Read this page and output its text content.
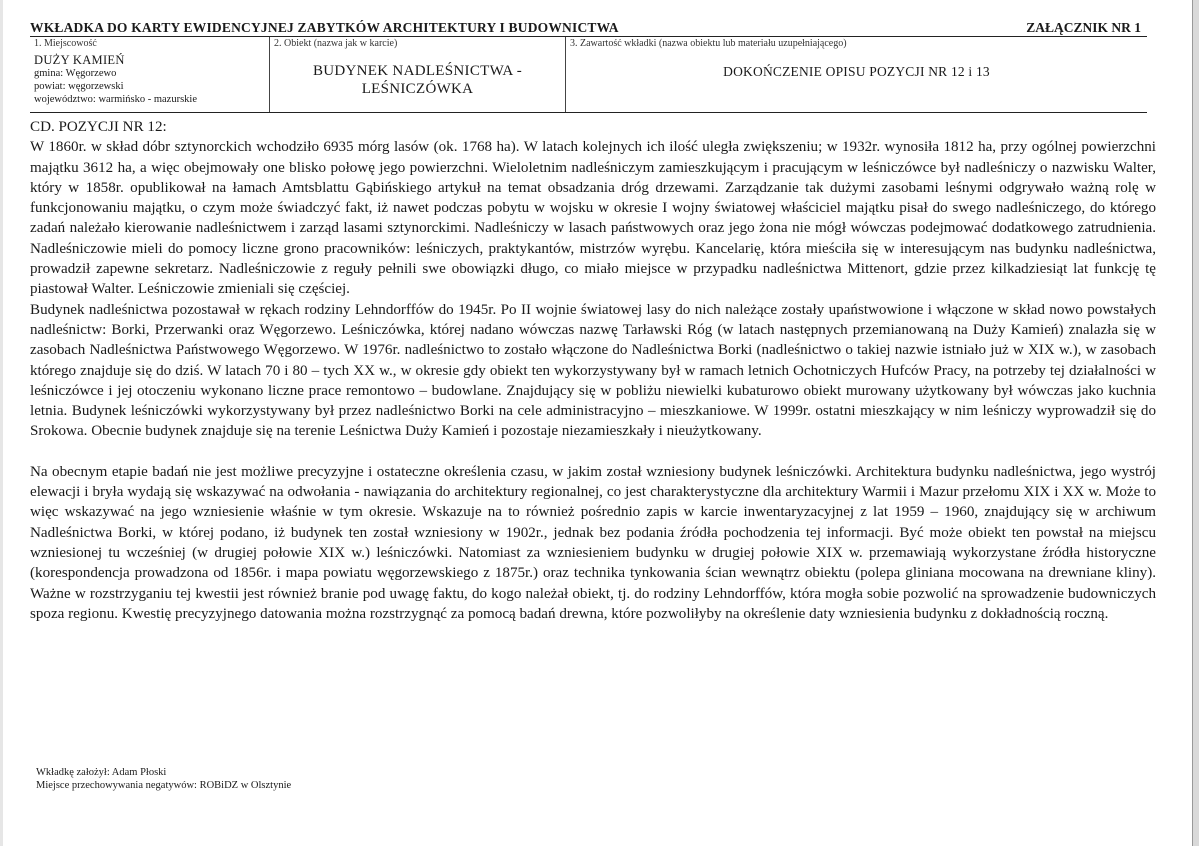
WKŁADKA DO KARTY EWIDENCYJNEJ ZABYTKÓW ARCHITEKTURY I BUDOWNICTWA	ZAŁĄCZNIK NR 1
1. Miejscowość
DUŻY KAMIEŃ
gmina: Węgorzewo
powiat: węgorzewski
województwo: warmińsko - mazurskie
2. Obiekt (nazwa jak w karcie)
BUDYNEK NADLEŚNICTWA -
LEŚNICZÓWKA
3. Zawartość wkładki (nazwa obiektu lub materiału uzupełniającego)
DOKOŃCZENIE OPISU POZYCJI NR 12 i 13

CD. POZYCJI NR 12:

W 1860r. w skład dóbr sztynorckich wchodziło 6935 mórg lasów (ok. 1768 ha). W latach kolejnych ich ilość uległa zwiększeniu; w 1932r. wynosiła 1812 ha, przy ogólnej powierzchni majątku 3612 ha, a więc obejmowały one blisko połowę jego powierzchni. Wieloletnim nadleśniczym zamieszkującym i pracującym w leśniczówce był nadleśniczy o nazwisku Walter, który w 1858r. opublikował na łamach Amtsblattu Gąbińskiego artykuł na temat obsadzania dróg drzewami. Zarządzanie tak dużymi zasobami leśnymi odgrywało ważną rolę w funkcjonowaniu majątku, o czym może świadczyć fakt, iż nawet podczas pobytu w wojsku w okresie I wojny światowej właściciel majątku pisał do swego nadleśniczego, do którego zadań należało kierowanie nadleśnictwem i zarząd lasami sztynorckimi. Nadleśniczy w lasach państwowych oraz jego żona nie mógł wówczas podejmować dodatkowego zatrudnienia. Nadleśniczowie mieli do pomocy liczne grono pracowników: leśniczych, praktykantów, mistrzów wyrębu. Kancelarię, która mieściła się w interesującym nas budynku nadleśnictwa, prowadził zapewne sekretarz. Nadleśniczowie z reguły pełnili swe obowiązki długo, co miało miejsce w przypadku nadleśnictwa Mittenort, gdzie przez kilkadziesiąt lat funkcję tę piastował Walter. Leśniczowie zmieniali się częściej.

Budynek nadleśnictwa pozostawał w rękach rodziny Lehndorffów do 1945r. Po II wojnie światowej lasy do nich należące zostały upaństwowione i włączone w skład nowo powstałych nadleśnictw: Borki, Przerwanki oraz Węgorzewo. Leśniczówka, której nadano wówczas nazwę Tarławski Róg (w latach następnych przemianowaną na Duży Kamień) znalazła się w zasobach Nadleśnictwa Państwowego Węgorzewo. W 1976r. nadleśnictwo to zostało włączone do Nadleśnictwa Borki (nadleśnictwo o takiej nazwie istniało już w XIX w.), w zasobach którego znajduje się do dziś. W latach 70 i 80 – tych XX w., w okresie gdy obiekt ten wykorzystywany był w ramach letnich Ochotniczych Hufców Pracy, na potrzeby tej działalności w leśniczówce i jej otoczeniu wykonano liczne prace remontowo – budowlane. Znajdujący się w pobliżu niewielki kubaturowo obiekt murowany użytkowany był wówczas jako kuchnia letnia. Budynek leśniczówki wykorzystywany był przez nadleśnictwo Borki na cele administracyjno – mieszkaniowe. W 1999r. ostatni mieszkający w nim leśniczy wyprowadził się do Srokowa. Obecnie budynek znajduje się na terenie Leśnictwa Duży Kamień i pozostaje niezamieszkały i nieużytkowany.

Na obecnym etapie badań nie jest możliwe precyzyjne i ostateczne określenia czasu, w jakim został wzniesiony budynek leśniczówki. Architektura budynku nadleśnictwa, jego wystrój elewacji i bryła wydają się wskazywać na odwołania - nawiązania do architektury regionalnej, co jest charakterystyczne dla architektury Warmii i Mazur przełomu XIX i XX w. Może to więc wskazywać na jego wzniesienie właśnie w tym okresie. Wskazuje na to również pośrednio zapis w karcie inwentaryzacyjnej z lat 1959 – 1960, znajdujący się w archiwum Nadleśnictwa Borki, w której podano, iż budynek ten został wzniesiony w 1902r., jednak bez podania źródła pochodzenia tej informacji. Być może obiekt ten powstał na miejscu wzniesionej tu wcześniej (w drugiej połowie XIX w.) leśniczówki. Natomiast za wzniesieniem budynku w drugiej połowie XIX w. przemawiają wykorzystane źródła historyczne (korespondencja prowadzona od 1856r. i mapa powiatu węgorzewskiego z 1875r.) oraz technika tynkowania ścian wewnątrz obiektu (polepa gliniana mocowana na drewniane kliny). Ważne w rozstrzyganiu tej kwestii jest również branie pod uwagę faktu, do kogo należał obiekt, tj. do rodziny Lehndorffów, która mogła sobie pozwolić na sprowadzenie budowniczych spoza regionu. Kwestię precyzyjnego datowania można rozstrzygnąć za pomocą badań drewna, które pozwoliłyby na określenie daty wzniesienia budynku z dokładnością roczną.

Wkładkę założył: Adam Płoski
Miejsce przechowywania negatywów: ROBiDZ w Olsztynie
